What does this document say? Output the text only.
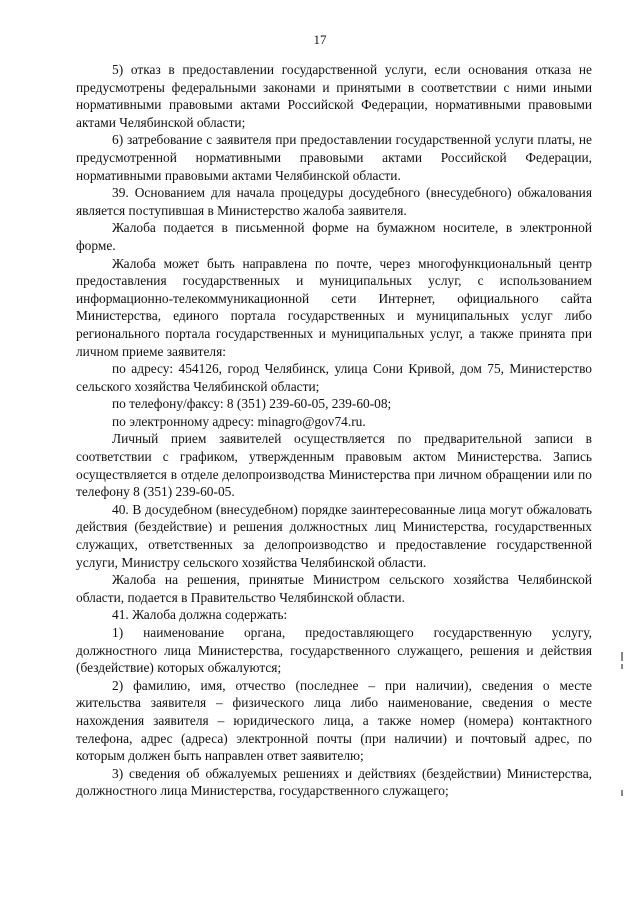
17

5) отказ в предоставлении государственной услуги, если основания отказа не предусмотрены федеральными законами и принятыми в соответствии с ними иными нормативными правовыми актами Российской Федерации, нормативными правовыми актами Челябинской области;

6) затребование с заявителя при предоставлении государственной услуги платы, не предусмотренной нормативными правовыми актами Российской Федерации, нормативными правовыми актами Челябинской области.

39. Основанием для начала процедуры досудебного (внесудебного) обжалования является поступившая в Министерство жалоба заявителя.

Жалоба подается в письменной форме на бумажном носителе, в электронной форме.

Жалоба может быть направлена по почте, через многофункциональный центр предоставления государственных и муниципальных услуг, с использованием информационно-телекоммуникационной сети Интернет, официального сайта Министерства, единого портала государственных и муниципальных услуг либо регионального портала государственных и муниципальных услуг, а также принята при личном приеме заявителя:

по адресу: 454126, город Челябинск, улица Сони Кривой, дом 75, Министерство сельского хозяйства Челябинской области;

по телефону/факсу: 8 (351) 239-60-05, 239-60-08;

по электронному адресу: minagro@gov74.ru.

Личный прием заявителей осуществляется по предварительной записи в соответствии с графиком, утвержденным правовым актом Министерства. Запись осуществляется в отделе делопроизводства Министерства при личном обращении или по телефону 8 (351) 239-60-05.

40. В досудебном (внесудебном) порядке заинтересованные лица могут обжаловать действия (бездействие) и решения должностных лиц Министерства, государственных служащих, ответственных за делопроизводство и предоставление государственной услуги, Министру сельского хозяйства Челябинской области.

Жалоба на решения, принятые Министром сельского хозяйства Челябинской области, подается в Правительство Челябинской области.

41. Жалоба должна содержать:

1) наименование органа, предоставляющего государственную услугу, должностного лица Министерства, государственного служащего, решения и действия (бездействие) которых обжалуются;

2) фамилию, имя, отчество (последнее – при наличии), сведения о месте жительства заявителя – физического лица либо наименование, сведения о месте нахождения заявителя – юридического лица, а также номер (номера) контактного телефона, адрес (адреса) электронной почты (при наличии) и почтовый адрес, по которым должен быть направлен ответ заявителю;

3) сведения об обжалуемых решениях и действиях (бездействии) Министерства, должностного лица Министерства, государственного служащего;
